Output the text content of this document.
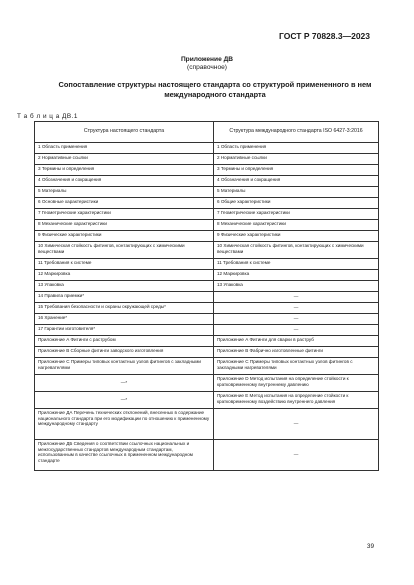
ГОСТ Р 70828.3—2023
Приложение ДВ
(справочное)
Сопоставление структуры настоящего стандарта со структурой примененного в нем международного стандарта
Т а б л и ц а ДВ.1
Структура настоящего стандарта	Структура международного стандарта ISO 6427-3:2016
1 Область применения	1 Область применения
2 Нормативные ссылки	2 Нормативные ссылки
3 Термины и определения	3 Термины и определения
4 Обозначения и сокращения	4 Обозначения и сокращения
5 Материалы	5 Материалы
6 Основные характеристики	6 Общие характеристики
7 Геометрические характеристики	7 Геометрические характеристики
8 Механические характеристики	8 Механические характеристики
9 Физические характеристики	9 Физические характеристики
10 Химическая стойкость фитингов, контактирующих с химическими веществами	10 Химическая стойкость фитингов, контактирующих с химическими веществами
11 Требования к системе	11 Требования к системе
12 Маркировка	12 Маркировка
13 Упаковка	13 Упаковка
14 Правила приемки*	—
15 Требования безопасности и охраны окружающей среды*	—
16 Хранение*	—
17 Гарантии изготовителя*	—
Приложение А Фитинги с раструбом	Приложение А Фитинги для сварки в раструб
Приложение В Сборные фитинги заводского изготовления	Приложение В Фабрично изготовленные фитинги
Приложение С Примеры типовых контактных узлов фитингов с закладными нагревателями	Приложение С Примеры типовых контактных узлов фитингов с закладными нагревателями
—*	Приложение D Метод испытания на определение стойкости к кратковременному внутреннему давлению
—*	Приложение Е Метод испытания на определение стойкости к кратковременному воздействию внутреннего давления
Приложение ДА Перечень технических отклонений, внесенных в содержание национального стандарта при его модификации по отношению к примененному международному стандарту	—
Приложение ДБ Сведения о соответствии ссылочных национальных и межгосударственных стандартов международным стандартам, использованным в качестве ссылочных в примененном международном стандарте	—
39
